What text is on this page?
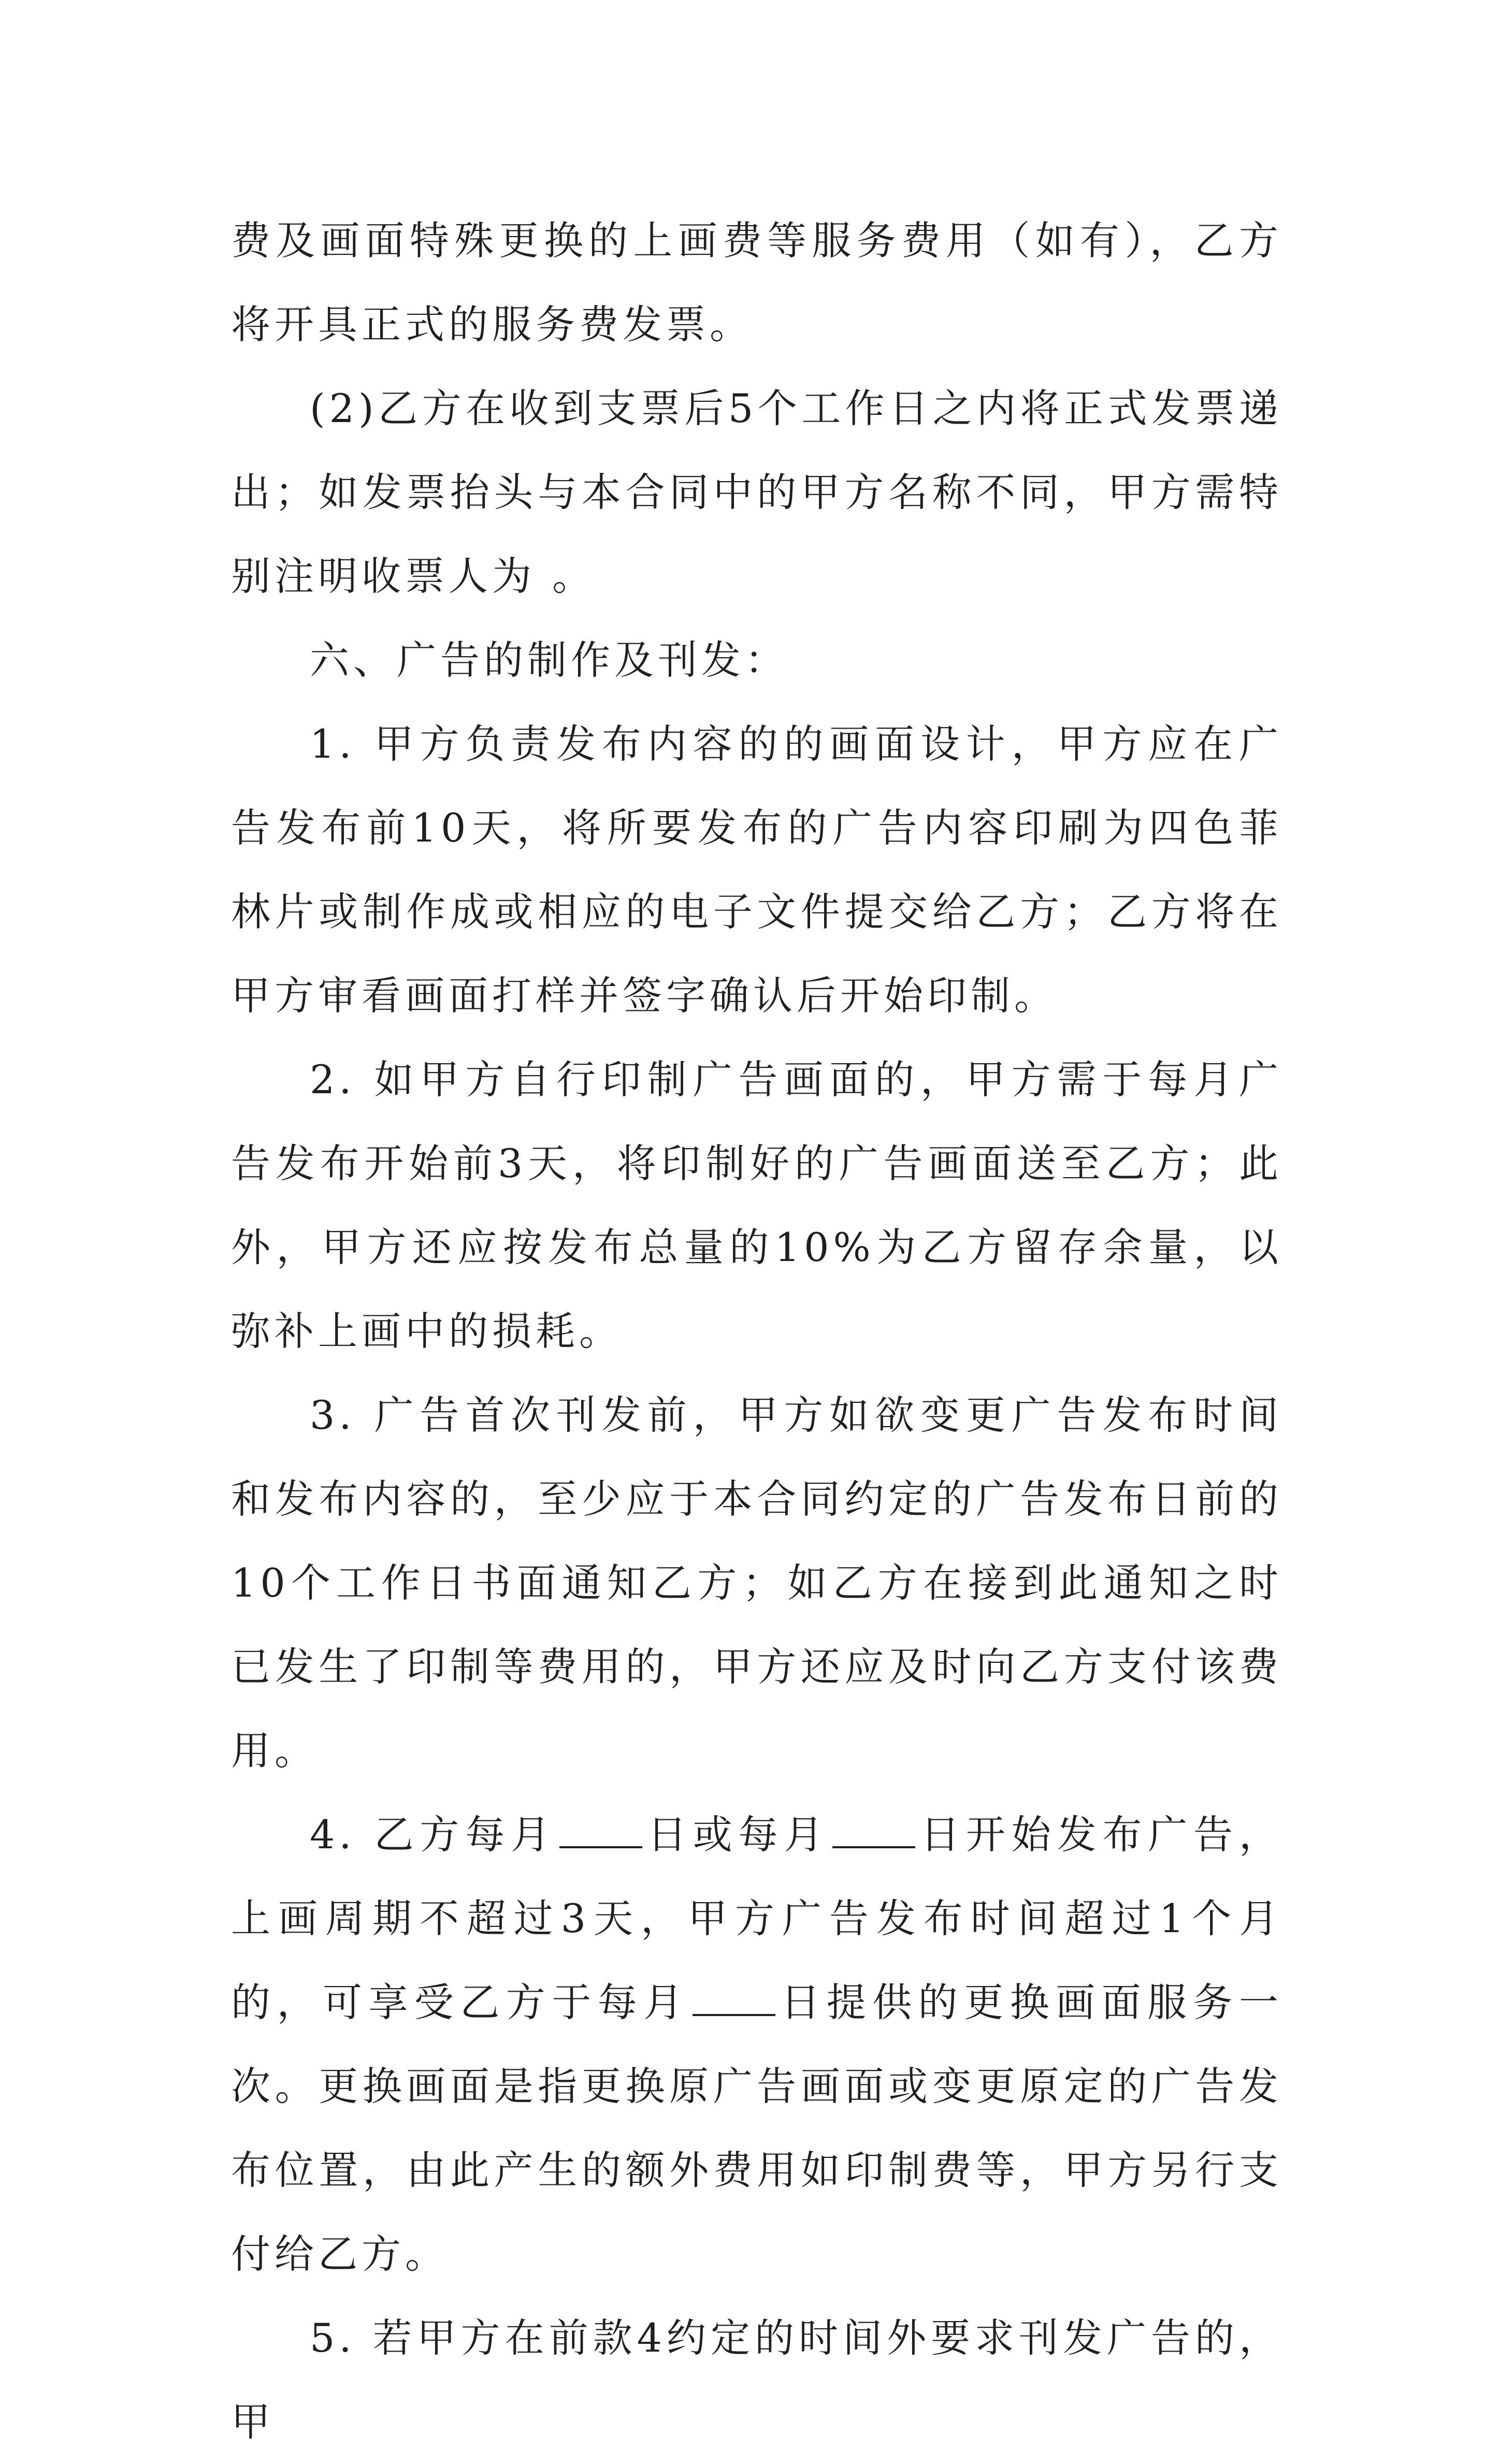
费及画面特殊更换的上画费等服务费用（如有），乙方将开具正式的服务费发票。

(2)乙方在收到支票后5个工作日之内将正式发票递出；如发票抬头与本合同中的甲方名称不同，甲方需特别注明收票人为 。

六、广告的制作及刊发：

1. 甲方负责发布内容的的画面设计，甲方应在广告发布前10天，将所要发布的广告内容印刷为四色菲林片或制作成或相应的电子文件提交给乙方；乙方将在甲方审看画面打样并签字确认后开始印制。

2. 如甲方自行印制广告画面的，甲方需于每月广告发布开始前3天，将印制好的广告画面送至乙方；此外，甲方还应按发布总量的10%为乙方留存余量，以弥补上画中的损耗。

3. 广告首次刊发前，甲方如欲变更广告发布时间和发布内容的，至少应于本合同约定的广告发布日前的10个工作日书面通知乙方；如乙方在接到此通知之时已发生了印制等费用的，甲方还应及时向乙方支付该费用。

4. 乙方每月 日或每月 日开始发布广告，上画周期不超过3天，甲方广告发布时间超过1个月的，可享受乙方于每月 日提供的更换画面服务一次。更换画面是指更换原广告画面或变更原定的广告发布位置，由此产生的额外费用如印制费等，甲方另行支付给乙方。

5. 若甲方在前款4约定的时间外要求刊发广告的，甲
